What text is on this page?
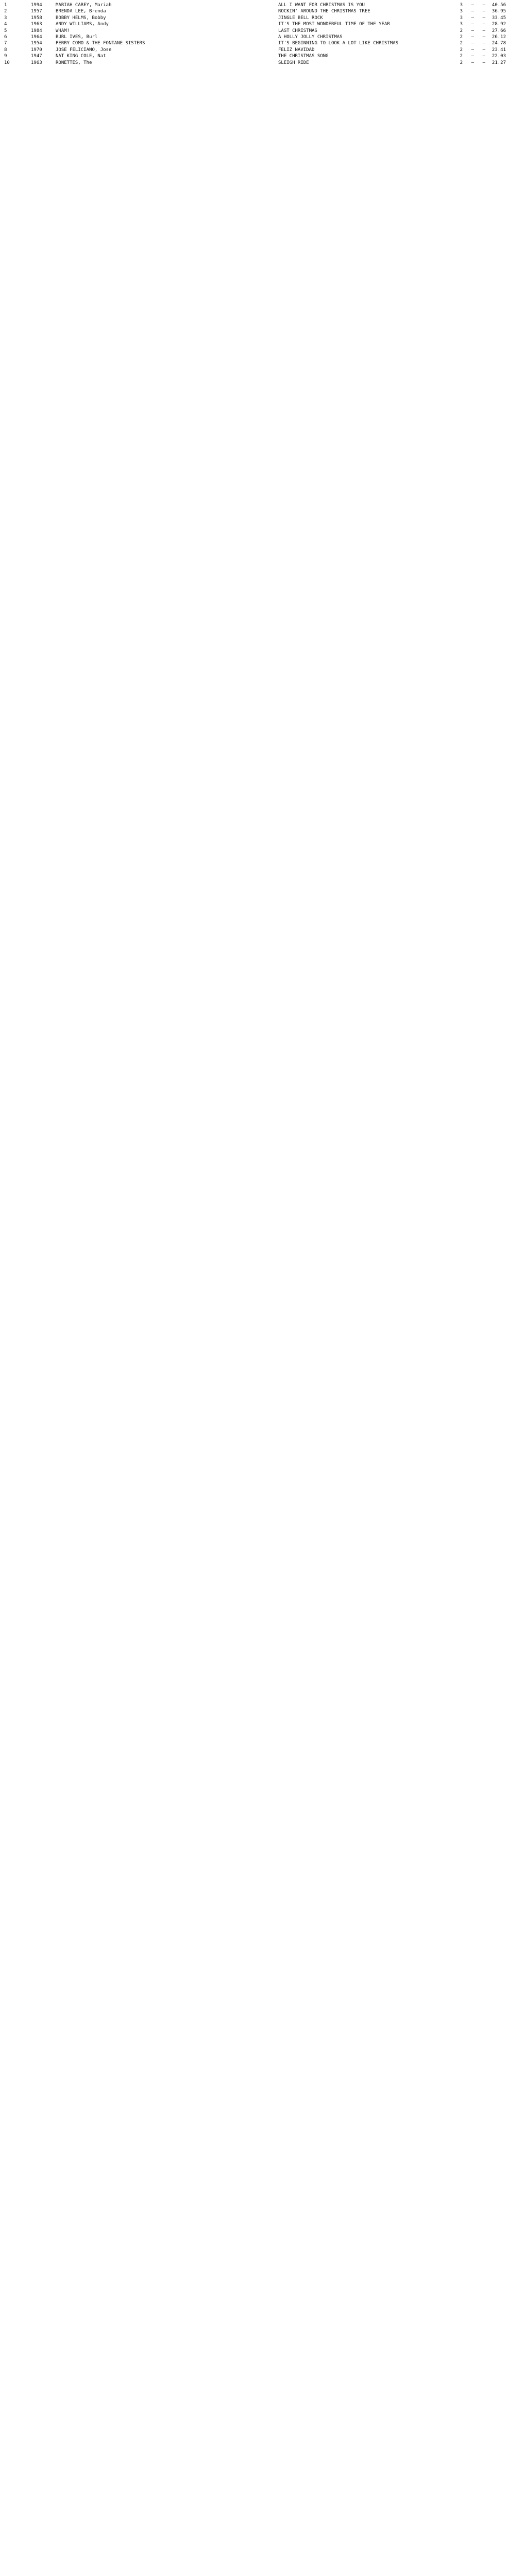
1	1994	MARIAH CAREY, Mariah	ALL I WANT FOR CHRISTMAS IS YOU	3	—	—	40.56
2	1957	BRENDA LEE, Brenda	ROCKIN' AROUND THE CHRISTMAS TREE	3	—	—	36.95
3	1958	BOBBY HELMS, Bobby	JINGLE BELL ROCK	3	—	—	33.45
4	1963	ANDY WILLIAMS, Andy	IT'S THE MOST WONDERFUL TIME OF THE YEAR	3	—	—	28.92
5	1984	WHAM!	LAST CHRISTMAS	2	—	—	27.66
6	1964	BURL IVES, Burl	A HOLLY JOLLY CHRISTMAS	2	—	—	26.12
7	1954	PERRY COMO & THE FONTANE SISTERS	IT'S BEGINNING TO LOOK A LOT LIKE CHRISTMAS	2	—	—	24.78
8	1970	JOSE FELICIANO, Jose	FELIZ NAVIDAD	2	—	—	23.41
9	1947	NAT KING COLE, Nat	THE CHRISTMAS SONG	2	—	—	22.03
10	1963	RONETTES, The	SLEIGH RIDE	2	—	—	21.27
